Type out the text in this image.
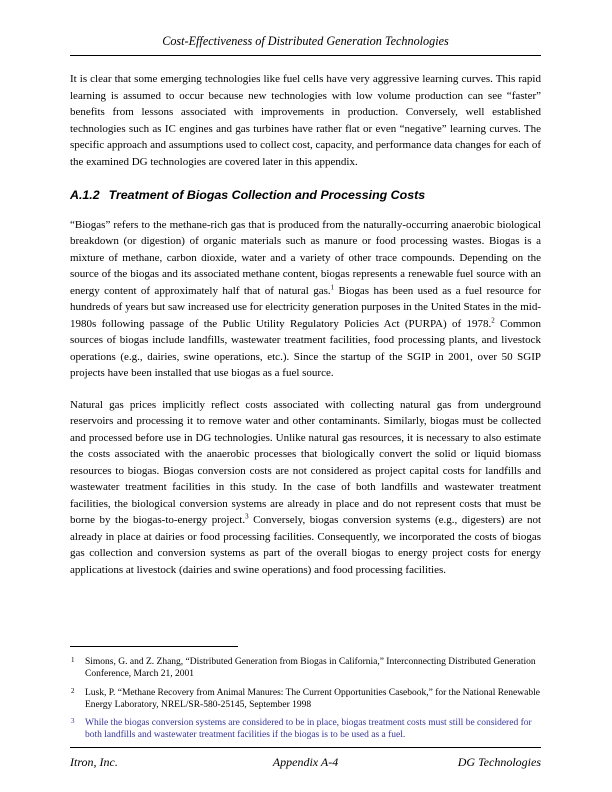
Cost-Effectiveness of Distributed Generation Technologies

It is clear that some emerging technologies like fuel cells have very aggressive learning curves. This rapid learning is assumed to occur because new technologies with low volume production can see “faster” benefits from lessons associated with improvements in production. Conversely, well established technologies such as IC engines and gas turbines have rather flat or even “negative” learning curves. The specific approach and assumptions used to collect cost, capacity, and performance data changes for each of the examined DG technologies are covered later in this appendix.

A.1.2 Treatment of Biogas Collection and Processing Costs

“Biogas” refers to the methane-rich gas that is produced from the naturally-occurring anaerobic biological breakdown (or digestion) of organic materials such as manure or food processing wastes. Biogas is a mixture of methane, carbon dioxide, water and a variety of other trace compounds. Depending on the source of the biogas and its associated methane content, biogas represents a renewable fuel source with an energy content of approximately half that of natural gas.$^1$ Biogas has been used as a fuel resource for hundreds of years but saw increased use for electricity generation purposes in the United States in the mid-1980s following passage of the Public Utility Regulatory Policies Act (PURPA) of 1978.$^2$ Common sources of biogas include landfills, wastewater treatment facilities, food processing plants, and livestock operations (e.g., dairies, swine operations, etc.). Since the startup of the SGIP in 2001, over 50 SGIP projects have been installed that use biogas as a fuel source.

Natural gas prices implicitly reflect costs associated with collecting natural gas from underground reservoirs and processing it to remove water and other contaminants. Similarly, biogas must be collected and processed before use in DG technologies. Unlike natural gas resources, it is necessary to also estimate the costs associated with the anaerobic processes that biologically convert the solid or liquid biomass resources to biogas. Biogas conversion costs are not considered as project capital costs for landfills and wastewater treatment facilities in this study. In the case of both landfills and wastewater treatment facilities, the biological conversion systems are already in place and do not represent costs that must be borne by the biogas-to-energy project.$^3$ Conversely, biogas conversion systems (e.g., digesters) are not already in place at dairies or food processing facilities. Consequently, we incorporated the costs of biogas gas collection and conversion systems as part of the overall biogas to energy project costs for energy applications at livestock (dairies and swine operations) and food processing facilities.

1 Simons, G. and Z. Zhang, “Distributed Generation from Biogas in California,” Interconnecting Distributed Generation Conference, March 21, 2001
2 Lusk, P. “Methane Recovery from Animal Manures: The Current Opportunities Casebook,” for the National Renewable Energy Laboratory, NREL/SR-580-25145, September 1998
3 While the biogas conversion systems are considered to be in place, biogas treatment costs must still be considered for both landfills and wastewater treatment facilities if the biogas is to be used as a fuel.
Itron, Inc.	Appendix A-4	DG Technologies
